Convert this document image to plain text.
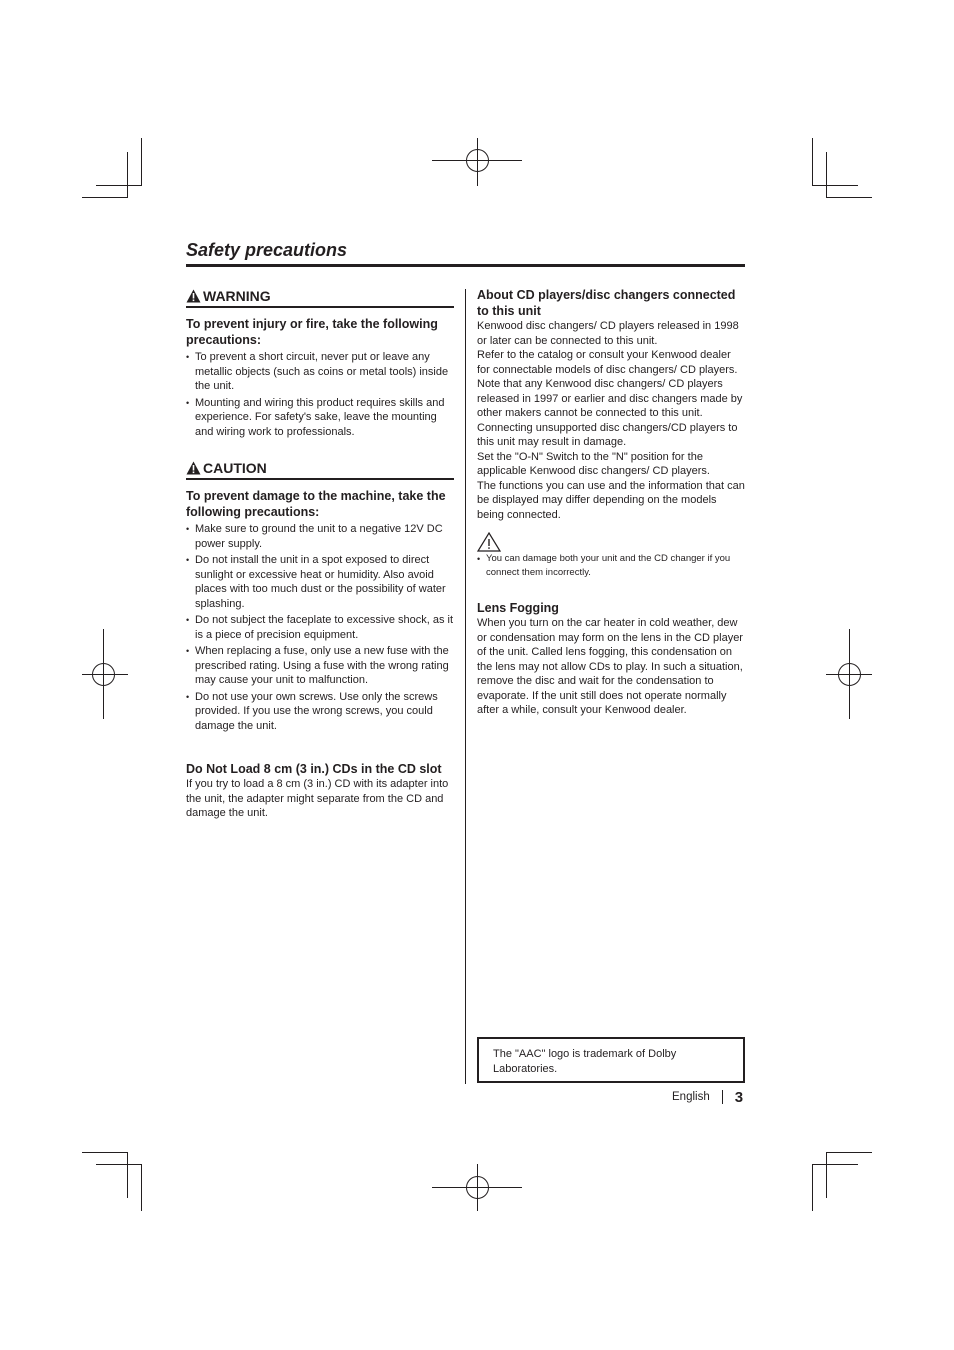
Safety precautions
WARNING

To prevent injury or fire, take the following precautions:

• To prevent a short circuit, never put or leave any metallic objects (such as coins or metal tools) inside the unit.
• Mounting and wiring this product requires skills and experience. For safety's sake, leave the mounting and wiring work to professionals.
CAUTION

To prevent damage to the machine, take the following precautions:

• Make sure to ground the unit to a negative 12V DC power supply.
• Do not install the unit in a spot exposed to direct sunlight or excessive heat or humidity. Also avoid places with too much dust or the possibility of water splashing.
• Do not subject the faceplate to excessive shock, as it is a piece of precision equipment.
• When replacing a fuse, only use a new fuse with the prescribed rating. Using a fuse with the wrong rating may cause your unit to malfunction.
• Do not use your own screws. Use only the screws provided. If you use the wrong screws, you could damage the unit.

Do Not Load 8 cm (3 in.) CDs in the CD slot

If you try to load a 8 cm (3 in.) CD with its adapter into the unit, the adapter might separate from the CD and damage the unit.

About CD players/disc changers connected to this unit

Kenwood disc changers/ CD players released in 1998 or later can be connected to this unit.

Refer to the catalog or consult your Kenwood dealer for connectable models of disc changers/ CD players.

Note that any Kenwood disc changers/ CD players released in 1997 or earlier and disc changers made by other makers cannot be connected to this unit.

Connecting unsupported disc changers/CD players to this unit may result in damage.

Set the "O-N" Switch to the "N" position for the applicable Kenwood disc changers/ CD players.

The functions you can use and the information that can be displayed may differ depending on the models being connected.

• You can damage both your unit and the CD changer if you connect them incorrectly.

Lens Fogging

When you turn on the car heater in cold weather, dew or condensation may form on the lens in the CD player of the unit. Called lens fogging, this condensation on the lens may not allow CDs to play. In such a situation, remove the disc and wait for the condensation to evaporate. If the unit still does not operate normally after a while, consult your Kenwood dealer.

The "AAC" logo is trademark of Dolby Laboratories.
English 3
